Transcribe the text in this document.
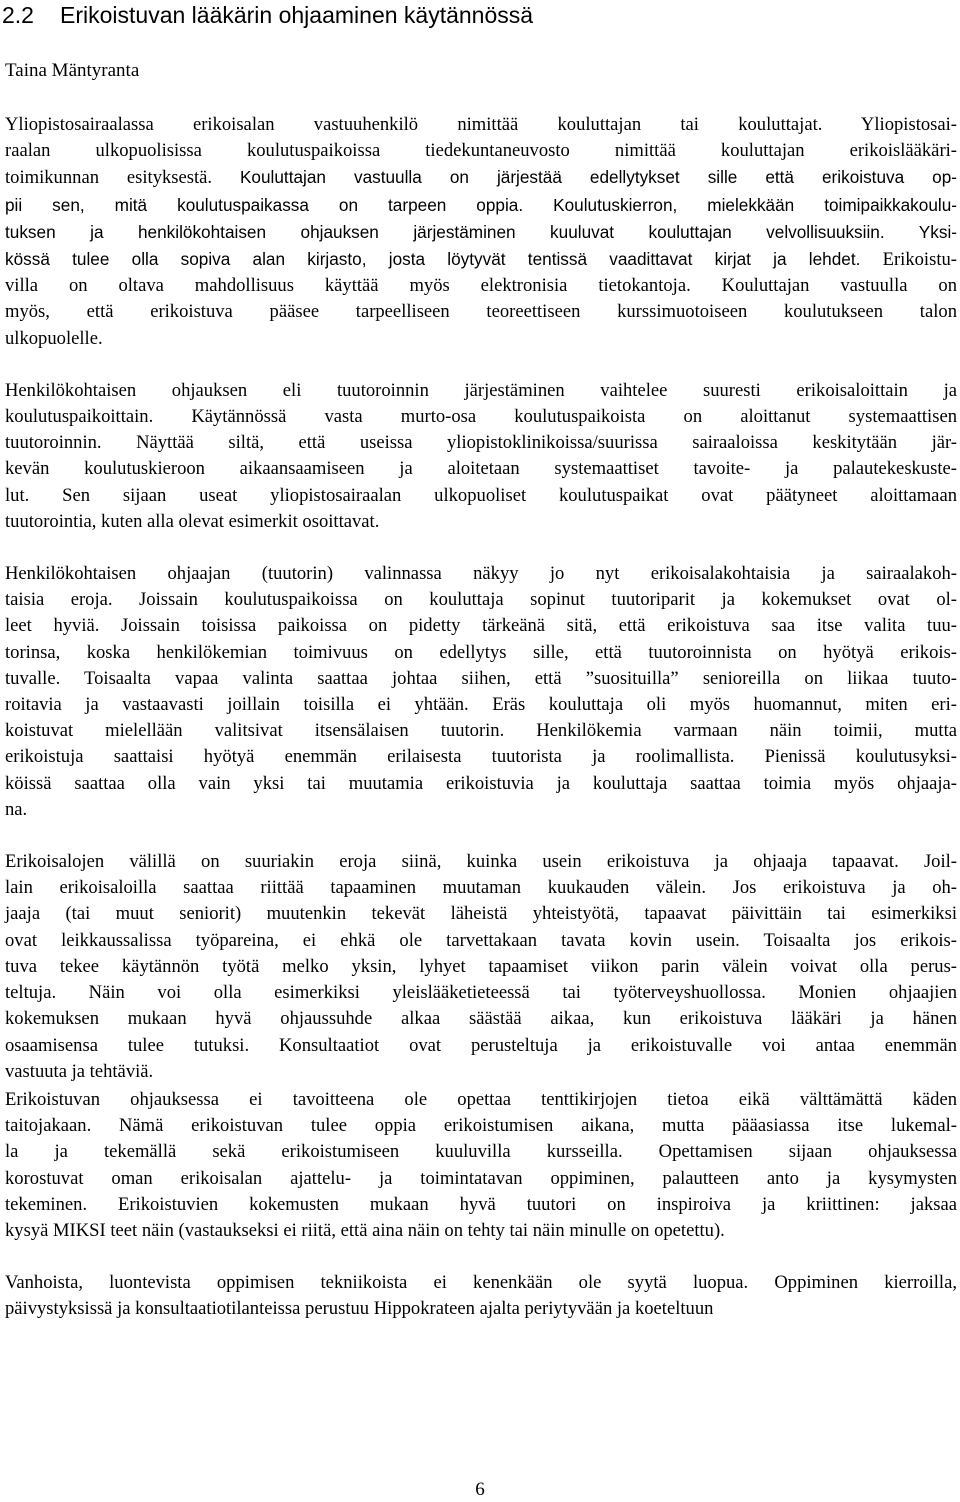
2.2 Erikoistuvan lääkärin ohjaaminen käytännössä
Taina Mäntyranta
Yliopistosairaalassa erikoisalan vastuuhenkilö nimittää kouluttajan tai kouluttajat. Yliopistosai-
raalan ulkopuolisissa koulutuspaikoissa tiedekuntaneuvosto nimittää kouluttajan erikoislääkäri-
toimikunnan esityksestä. Kouluttajan vastuulla on järjestää edellytykset sille että erikoistuva op-
pii sen, mitä koulutuspaikassa on tarpeen oppia. Koulutuskierron, mielekkään toimipaikkakoulu-
tuksen ja henkilökohtaisen ohjauksen järjestäminen kuuluvat kouluttajan velvollisuuksiin. Yksi-
kössä tulee olla sopiva alan kirjasto, josta löytyvät tentissä vaadittavat kirjat ja lehdet. Erikoistu-
villa on oltava mahdollisuus käyttää myös elektronisia tietokantoja. Kouluttajan vastuulla on
myös, että erikoistuva pääsee tarpeelliseen teoreettiseen kurssimuotoiseen koulutukseen talon
ulkopuolelle.
Henkilökohtaisen ohjauksen eli tuutoroinnin järjestäminen vaihtelee suuresti erikoisaloittain ja
koulutuspaikoittain. Käytännössä vasta murto-osa koulutuspaikoista on aloittanut systemaattisen
tuutoroinnin. Näyttää siltä, että useissa yliopistoklinikoissa/suurissa sairaaloissa keskitytään jär-
kevän koulutuskieroon aikaansaamiseen ja aloitetaan systemaattiset tavoite- ja palautekeskuste-
lut. Sen sijaan useat yliopistosairaalan ulkopuoliset koulutuspaikat ovat päätyneet aloittamaan
tuutorointia, kuten alla olevat esimerkit osoittavat.
Henkilökohtaisen ohjaajan (tuutorin) valinnassa näkyy jo nyt erikoisalakohtaisia ja sairaalakoh-
taisia eroja. Joissain koulutuspaikoissa on kouluttaja sopinut tuutoriparit ja kokemukset ovat ol-
leet hyviä. Joissain toisissa paikoissa on pidetty tärkeänä sitä, että erikoistuva saa itse valita tuu-
torinsa, koska henkilökemian toimivuus on edellytys sille, että tuutoroinnista on hyötyä erikois-
tuvalle. Toisaalta vapaa valinta saattaa johtaa siihen, että ”suosituilla” senioreilla on liikaa tuuto-
roitavia ja vastaavasti joillain toisilla ei yhtään. Eräs kouluttaja oli myös huomannut, miten eri-
koistuvat mielellään valitsivat itsensälaisen tuutorin. Henkilökemia varmaan näin toimii, mutta
erikoistuja saattaisi hyötyä enemmän erilaisesta tuutorista ja roolimallista. Pienissä koulutusyksi-
köissä saattaa olla vain yksi tai muutamia erikoistuvia ja kouluttaja saattaa toimia myös ohjaaja-
na.
Erikoisalojen välillä on suuriakin eroja siinä, kuinka usein erikoistuva ja ohjaaja tapaavat. Joil-
lain erikoisaloilla saattaa riittää tapaaminen muutaman kuukauden välein. Jos erikoistuva ja oh-
jaaja (tai muut seniorit) muutenkin tekevät läheistä yhteistyötä, tapaavat päivittäin tai esimerkiksi
ovat leikkaussalissa työpareina, ei ehkä ole tarvettakaan tavata kovin usein. Toisaalta jos erikois-
tuva tekee käytännön työtä melko yksin, lyhyet tapaamiset viikon parin välein voivat olla perus-
teltuja. Näin voi olla esimerkiksi yleislääketieteessä tai työterveyshuollossa. Monien ohjaajien
kokemuksen mukaan hyvä ohjaussuhde alkaa säästää aikaa, kun erikoistuva lääkäri ja hänen
osaamisensa tulee tutuksi. Konsultaatiot ovat perusteltuja ja erikoistuvalle voi antaa enemmän
vastuuta ja tehtäviä.
Erikoistuvan ohjauksessa ei tavoitteena ole opettaa tenttikirjojen tietoa eikä välttämättä käden
taitojakaan. Nämä erikoistuvan tulee oppia erikoistumisen aikana, mutta pääasiassa itse lukemal-
la ja tekemällä sekä erikoistumiseen kuuluvilla kursseilla. Opettamisen sijaan ohjauksessa
korostuvat oman erikoisalan ajattelu- ja toimintatavan oppiminen, palautteen anto ja kysymysten
tekeminen. Erikoistuvien kokemusten mukaan hyvä tuutori on inspiroiva ja kriittinen: jaksaa
kysyä MIKSI teet näin (vastaukseksi ei riitä, että aina näin on tehty tai näin minulle on opetettu).
Vanhoista, luontevista oppimisen tekniikoista ei kenenkään ole syytä luopua. Oppiminen kierroilla,
päivystyksissä ja konsultaatiotilanteissa perustuu Hippokrateen ajalta periytyvään ja koeteltuun
6
